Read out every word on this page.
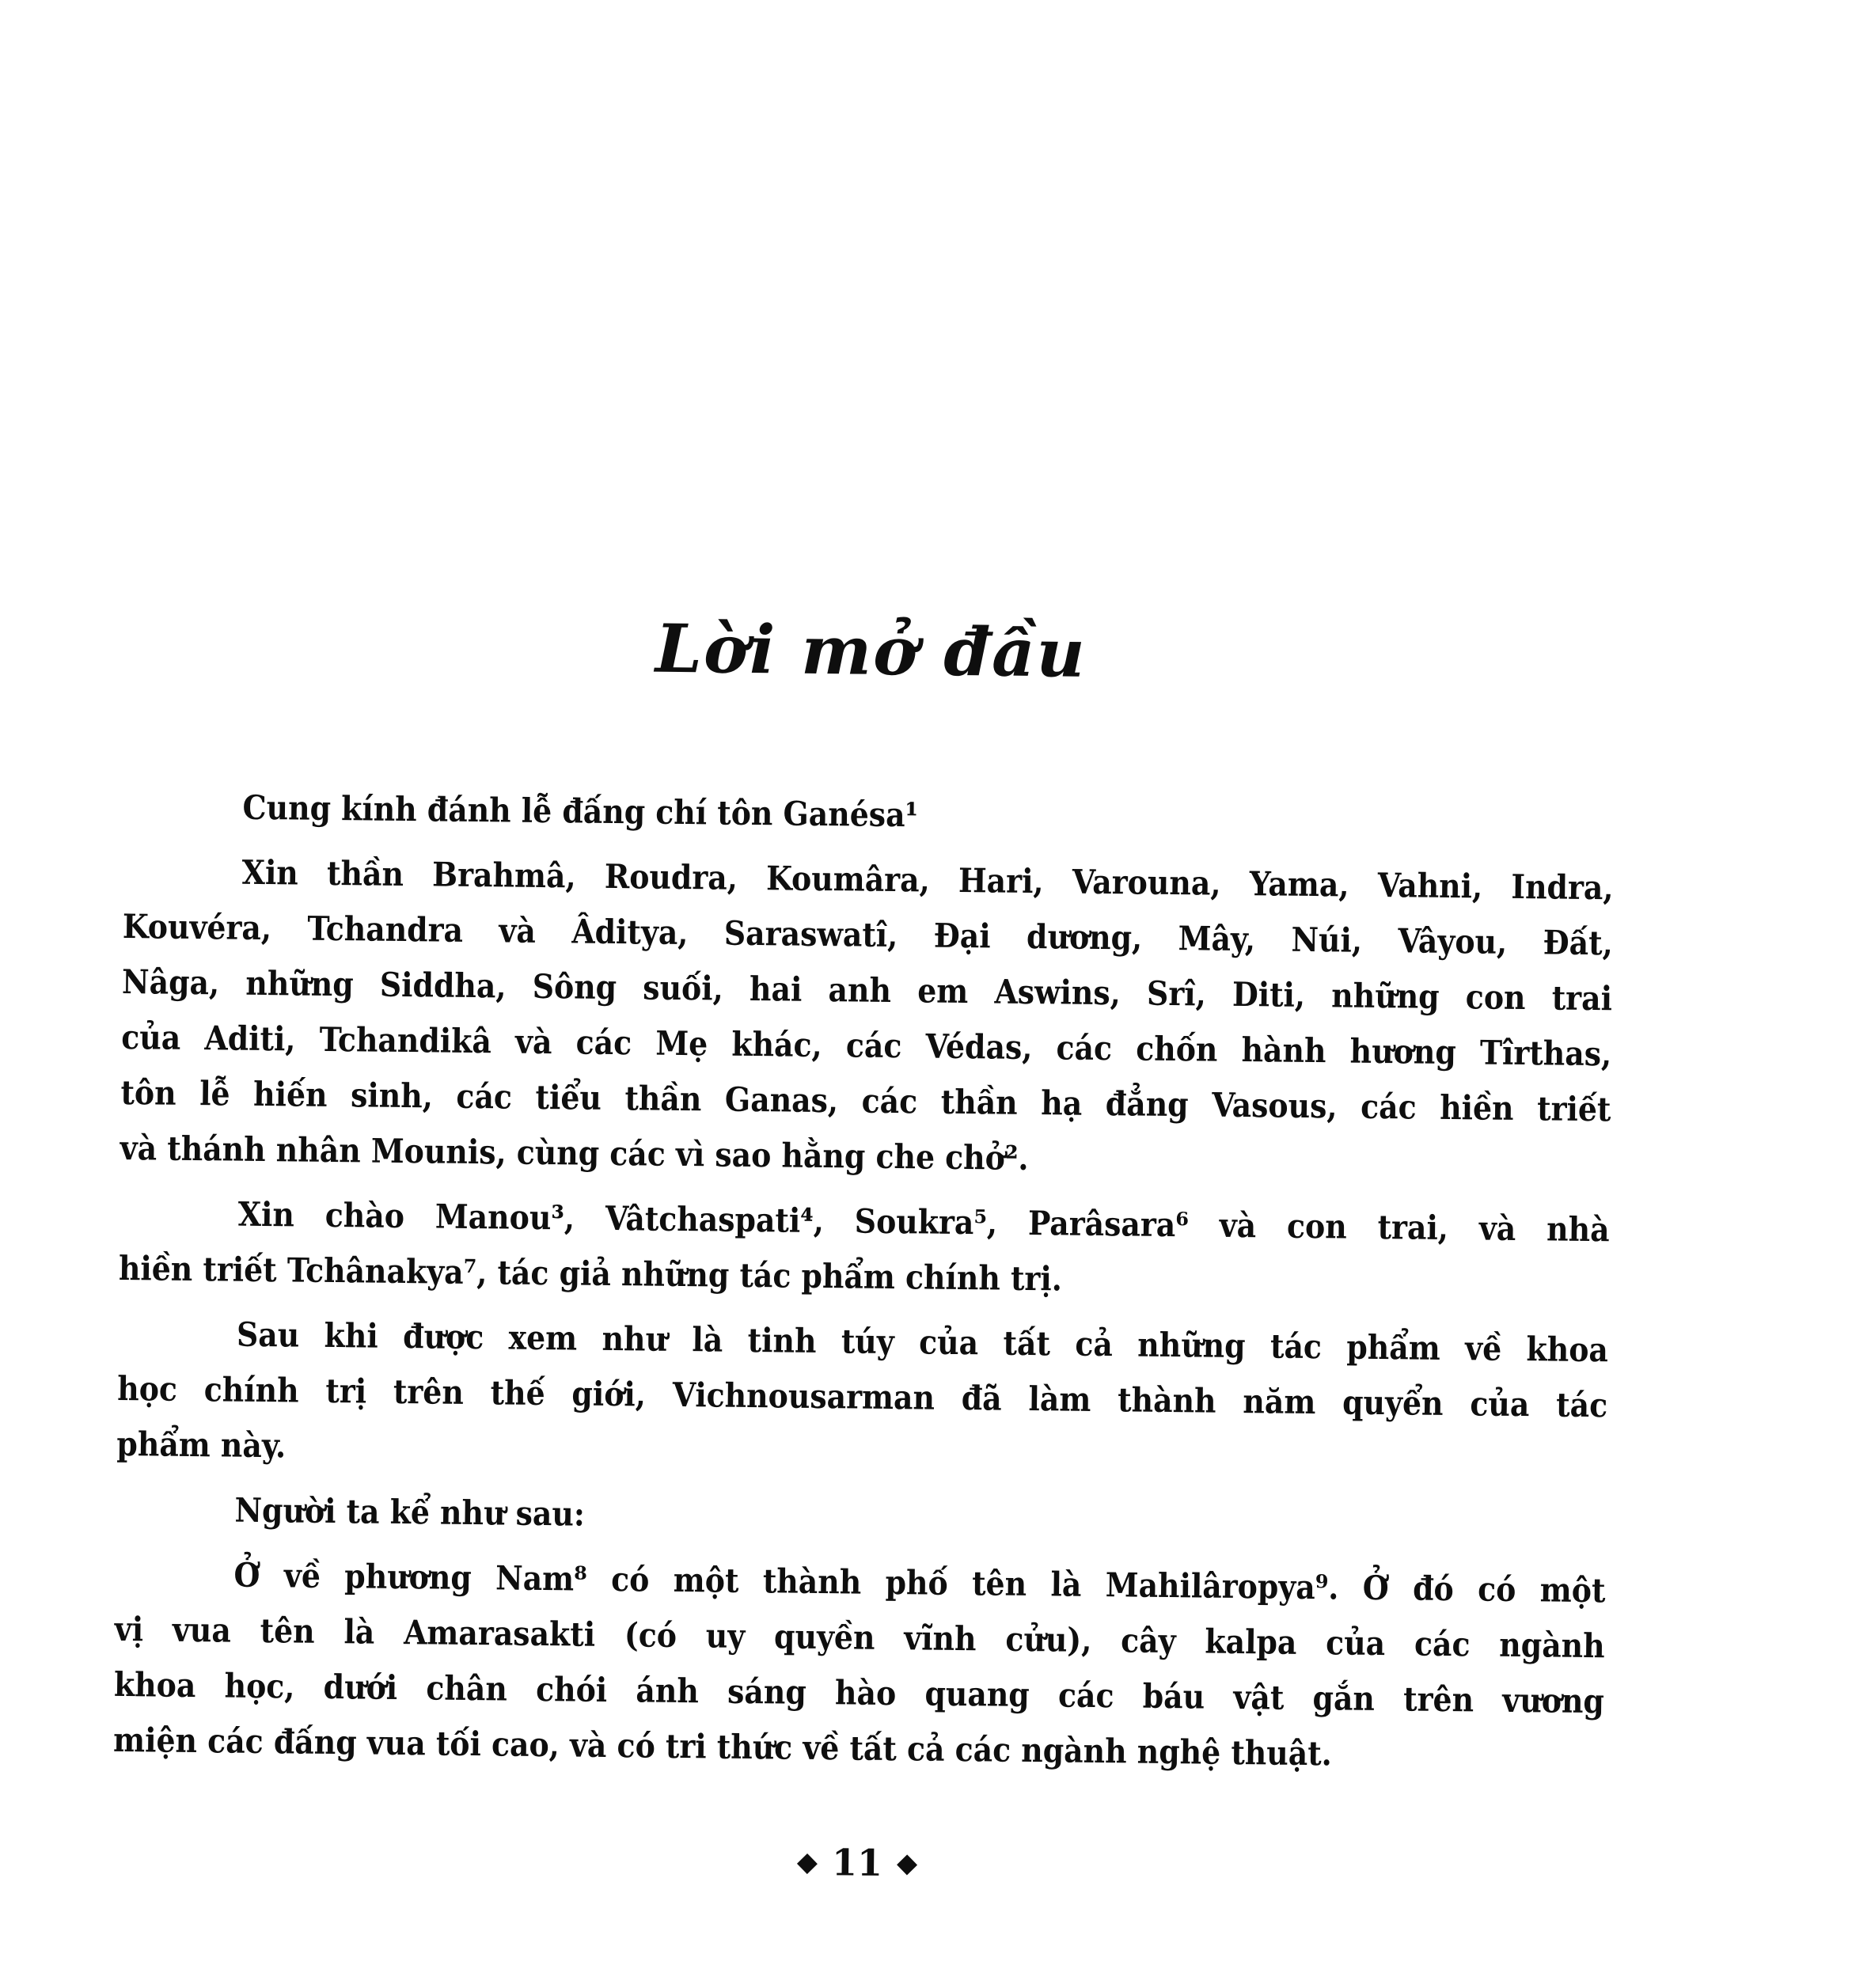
Lời mở đầu
Cung kính đánh lễ đấng chí tôn Ganésa¹
Xin thần Brahmâ, Roudra, Koumâra, Hari, Varouna, Yama, Vahni, Indra,
Kouvéra, Tchandra và Âditya, Saraswatî, Đại dương, Mây, Núi, Vâyou, Đất,
Nâga, những Siddha, Sông suối, hai anh em Aswins, Srî, Diti, những con trai
của Aditi, Tchandikâ và các Mẹ khác, các Védas, các chốn hành hương Tîrthas,
tôn lễ hiến sinh, các tiểu thần Ganas, các thần hạ đẳng Vasous, các hiền triết
và thánh nhân Mounis, cùng các vì sao hằng che chở².
Xin chào Manou³, Vâtchaspati⁴, Soukra⁵, Parâsara⁶ và con trai, và nhà
hiền triết Tchânakya⁷, tác giả những tác phẩm chính trị.
Sau khi được xem như là tinh túy của tất cả những tác phẩm về khoa
học chính trị trên thế giới, Vichnousarman đã làm thành năm quyển của tác
phẩm này.
Người ta kể như sau:
Ở về phương Nam⁸ có một thành phố tên là Mahilâropya⁹. Ở đó có một
vị vua tên là Amarasakti (có uy quyền vĩnh cửu), cây kalpa của các ngành
khoa học, dưới chân chói ánh sáng hào quang các báu vật gắn trên vương
miện các đấng vua tối cao, và có tri thức về tất cả các ngành nghệ thuật.
◆ 11 ◆
